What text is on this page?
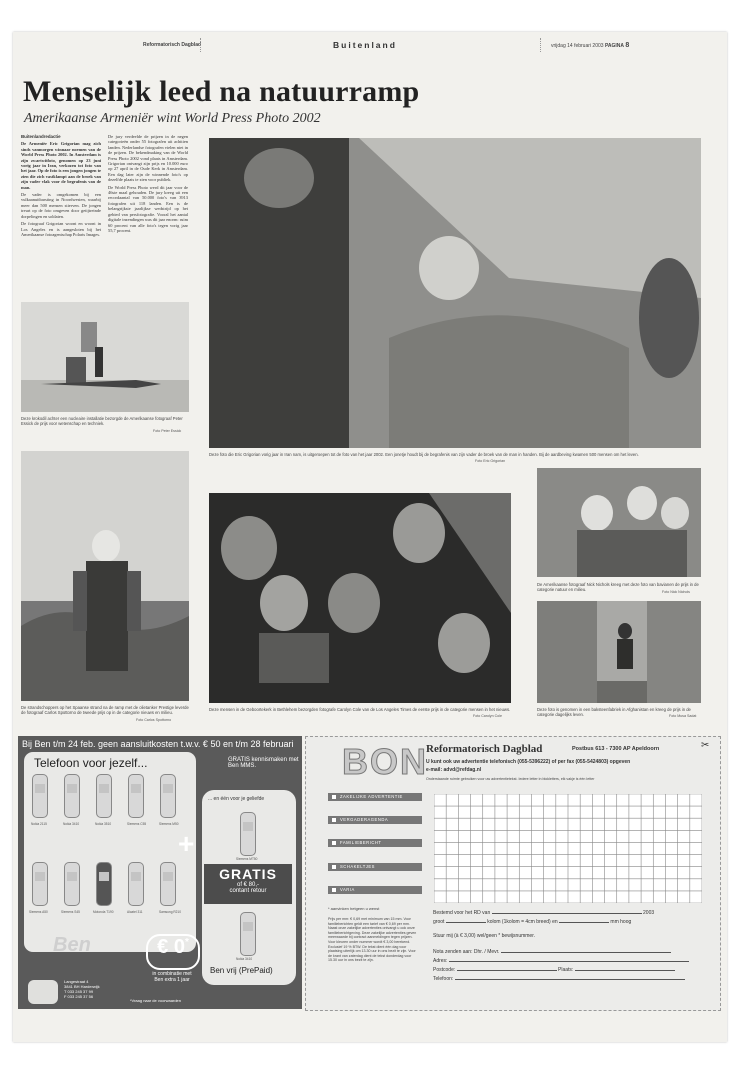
Reformatorisch Dagblad	Buitenland	vrijdag 14 februari 2003 PAGINA 8
Menselijk leed na natuurramp
Amerikaanse Armeniër wint World Press Photo 2002
Buitenlandredactie

De Armeniër Eric Grigorian mag zich sinds vanmorgen winnaar noemen van de World Press Photo 2002. In Amsterdam is zijn zwartwitfoto, genomen op 23 juni vorig jaar in Iran, verkozen tot foto van het jaar. Op de foto is een jongen jongen te zien die zich vastklampt aan de broek van zijn vader vlak voor de begrafenis van de man.

De vader is omgekomen bij een vulkaanuitbarsting in Noordwesten, waarbij meer dan 500 mensen stierven. De jongen treurt op de foto omgeven door getijtreinde dorpelingen en soldaten.

De fotograaf Grigorian woont en woont in Los Angeles en is aangesloten bij het Amerikaanse fotoagentschap Polaris Images.

De jury verdeelde de prijzen in de negen categorieën onder 55 fotografen uit achttien landen. Nederlandse fotografen vielen niet in de prijzen. De bekendmaking van de World Press Photo 2002 vond plaats in Amsterdam. Grigorian ontvangt zijn prijs en 10.000 euro op 27 april in de Oude Kerk in Amsterdam. Een dag later zijn de winnende foto's op dezelfde plaats te zien voor publiek.

De World Press Photo werd dit jaar voor de 46ste maal gehouden. De jury kreeg uit een recordaantal van 50.000 foto's van 3913 fotografen uit 118 landen. Een is de belangrijkste jaarlijkse wedstrijd op het gebied van persfotografie. Vooral het aantal digitale inzendingen was dit jaar enorm: ruim 60 procent van alle foto's tegen vorig jaar 55,7 procent.

Deze krokodil achter een nucleaire installatie bezorgde de Amerikaanse fotograaf Peter Essick de prijs voor wetenschap en techniek.
Foto Peter Essick
Deze foto die Eric Grigorian vorig jaar in Iran nam, is uitgeroepen tot de foto van het jaar 2002. Een jonetje houdt bij de begrafenis van zijn vader de broek van de man in handen. Bij de aardbeving kwamen 500 mensen om het leven.
Foto Eric Grigorian
De strandschoppers op het Spaanse strand na de ramp met de olietanker Prestige leverde de fotograaf Carlos Spottorno de tweede prijs op in de categorie nieuws en milieu.
Foto Carlos Spottorno
Deze mensen in de Geboortekerk in Bethlehem bezorgden fotografe Carolyn Cole van de Los Angeles Times de eerste prijs in de categorie mensen in het nieuws.
Foto Carolyn Cole
De Amerikaanse fotograaf Nick Nichols kreeg met deze foto van bavianen de prijs in de categorie natuur en milieu.	Foto Nick Nichols
Deze foto is genomen in een baksteenfabriek in Afghanistan en kreeg de prijs in de categorie dagelijks leven.	Foto Musa Sadat
Bij Ben t/m 24 feb. geen aansluitkosten t.w.v. € 50 en t/m 28 februari
Telefoon voor jezelf...
Nokia 2115	Nokia 3410	Nokia 3510	Siemens C55	Siemens M50
Siemens A50	Siemens S45	Motorola T190	Alcatel 311	Samsung R210
GRATIS kennismaken met Ben MMS.
+
... en één voor je geliefde
Siemens MT50
Nokia 3410
Ben vrij (PrePaid)
GRATIS
of € 80,-
contant retour
Ben	€ 0*
in combinatie met
Ben extra 1 jaar
Langestraat 4
3841 BH Harderwijk
T 033 245 37 99
F 033 245 37 56
*Vraag naar de voorwaarden
BON
ZAKELIJKE ADVERTENTIE
VERGADERAGENDA
FAMILIEBERICHT
SCHAKELTJES
VARIA
* aanvinken hetgeen u wenst
Prijs per mm: € 0,69 met minimum van 15 mm. Voor familieberichten geldt een tarief van € 0,69 per mm. Naast onze zakelijke advertenties ontvangt u ook onze familieberichtgeving. Deze zakelijke advertenties geven meerwaarde bij contract aanmeldingen tegen prijzen. Voor kleuren onder nummer wordt € 3,00 berekend. Exclusief 19 % BTW. De tekst dient één dag voor plaatsing uiterlijk om 13.30 uur in ons bezit te zijn. Voor de krant van zaterdag dient de tekst donderdag voor 15.30 uur in ons bezit te zijn.
Reformatorisch Dagblad	Postbus 613 - 7300 AP Apeldoorn	✂
U kunt ook uw advertentie telefonisch (055-5396222) of per fax (055-5424803) opgeven
e-mail: advd@refdag.nl
Onderstaande ruimte gebruiken voor uw advertentietekst. Iedere letter in blokletters, elk vakje is één letter
Bestemd voor het RD van	2003
groot	kolom (1kolom = 4cm breed) en	mm hoog
Stuur mij (à € 3,00) wel/geen * bewijsnummer.
Nota zenden aan: Dhr. / Mevr.
Adres:
Postcode:	Plaats:
Telefoon:
